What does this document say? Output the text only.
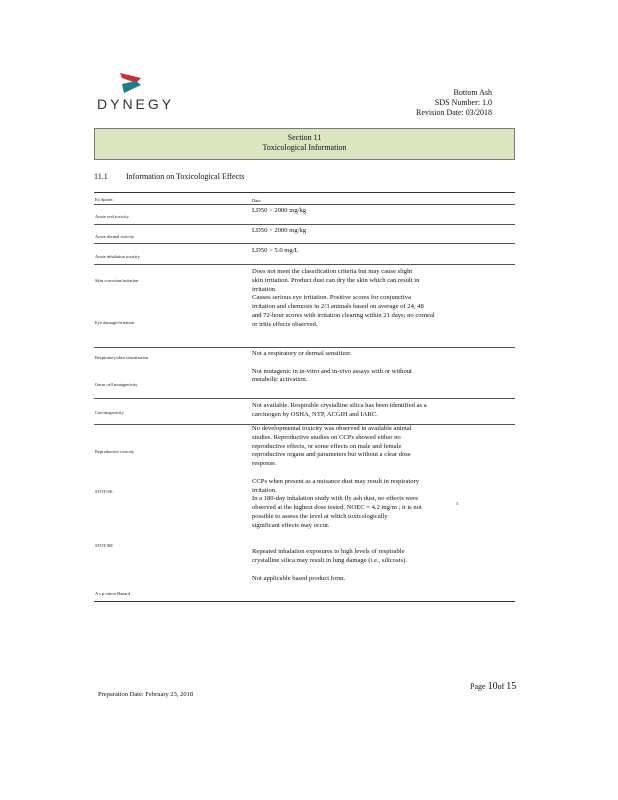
DYNEGY
Bottom Ash
SDS Number: 1.0
Revision Date: 03/2018
Section 11
Toxicological Information
11.1 Information on Toxicological Effects
Ex dpoint	Data
Acute oral toxicity
LD50 > 2000 mg/kg
Acute dermal toxicity
LD50 > 2000 mg/kg
Acute inhalation toxicity
LD50 > 5.0 mg/L
Skin corrosion/irritation
Eye damage/irritation
Does not meet the classification criteria but may cause slight
skin irritation. Product dust can dry the skin which can result in
irritation.
Causes serious eye irritation. Positive scores for conjunctiva
irritation and chemosis in 2/3 animals based on average of 24, 48
and 72-hour scores with irritation clearing within 21 days; no corneal
or iritis effects observed.
Respiratory/skin sensitization
Germ cell mutagenicity
Not a respiratory or dermal sensitizer.

Not mutagenic in in-vitro and in-vivo assays with or without
metabolic activation.
Carcinogenicity
Not available. Respirable crystalline silica has been identified as a
carcinogen by OSHA, NTP, ACGIH and IARC.
Reproductive toxicity
STOT-SE
STOT-RE
A s p ration Hazard
No developmental toxicity was observed in available animal
studies. Reproductive studies on CCPs showed either no
reproductive effects, or some effects on male and female
reproductive organs and parameters but without a clear dose
response.

CCPs when present as a nuisance dust may result in respiratory
irritation.
In a 180-day inhalation study with fly ash dust, no effects were
observed at the highest dose tested. NOEC = 4.2 mg/m ; it is not
possible to assess the level at which toxicologically
significant effects may occur.

Repeated inhalation exposures to high levels of respirable
crystalline silica may result in lung damage (i.e., silicosis).

Not applicable based product form.
3
Page 10of 15
Preparation Date: February 23, 2018
